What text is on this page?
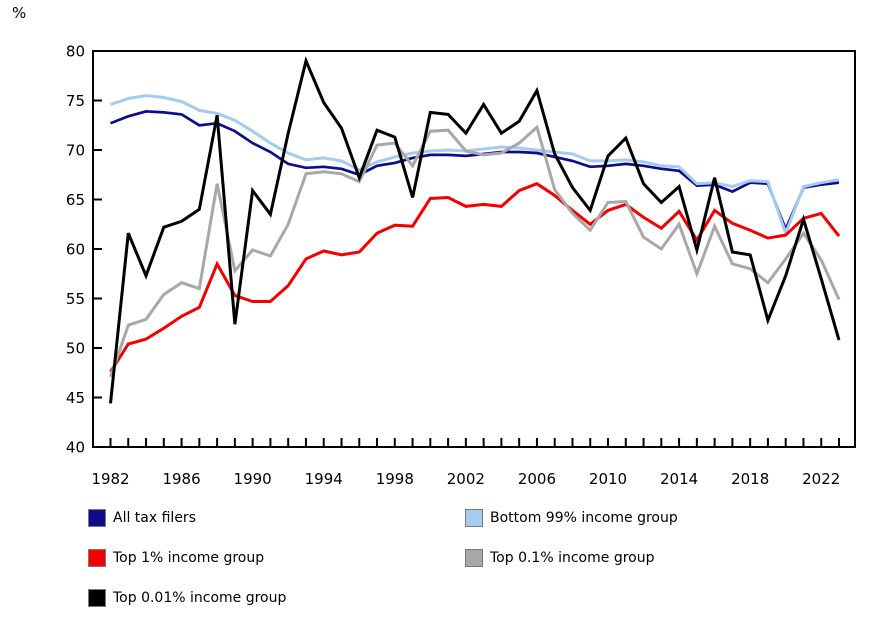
%
40
45
50
55
60
65
70
75
80
1982 1986 1990 1994 1998 2002 2006 2010 2014 2018 2022
All tax filers	Bottom 99% income group
Top 1% income group	Top 0.1% income group
Top 0.01% income group
